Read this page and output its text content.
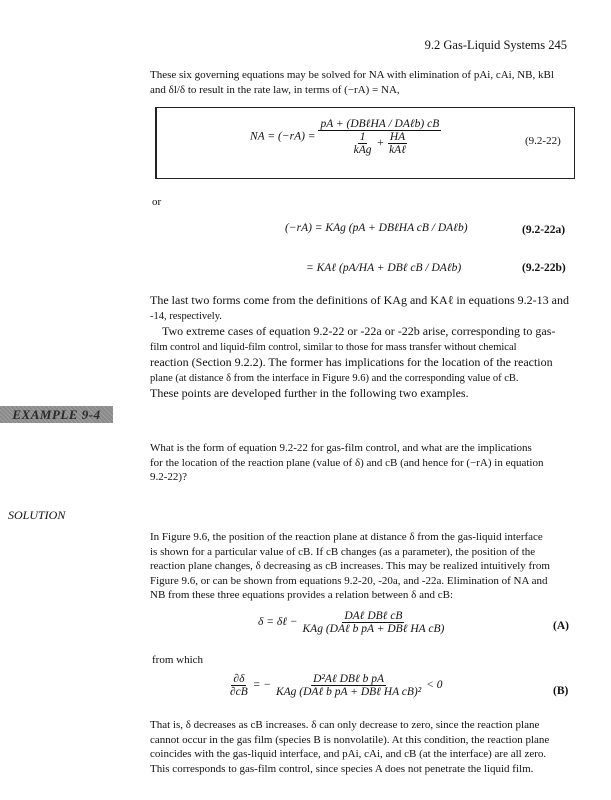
9.2 Gas-Liquid Systems 245
These six governing equations may be solved for NA with elimination of pAi, cAi, NB, kBl
and δl/δ to result in the rate law, in terms of (−rA) = NA,
NA = $(-rA) = \frac{\text{pA + (DBℓHA / DAℓb) cB}}{\frac{1}{\text{kAg}} + \frac{HA}{\text{kAℓ}}}$	(9.2-22)
or
(−rA) = KAg (pA + DBℓHA cB / DAℓb)	(9.2-22a)
= KAℓ (pA/HA + DBℓ cB / DAℓb)	(9.2-22b)
The last two forms come from the definitions of KAg and KAℓ in equations 9.2-13 and
-14, respectively.
Two extreme cases of equation 9.2-22 or -22a or -22b arise, corresponding to gas-
film control and liquid-film control, similar to those for mass transfer without chemical
reaction (Section 9.2.2). The former has implications for the location of the reaction
plane (at distance δ from the interface in Figure 9.6) and the corresponding value of cB.
These points are developed further in the following two examples.
EXAMPLE 9-4
What is the form of equation 9.2-22 for gas-film control, and what are the implications
for the location of the reaction plane (value of δ) and cB (and hence for (−rA) in equation
9.2-22)?
SOLUTION
In Figure 9.6, the position of the reaction plane at distance δ from the gas-liquid interface
is shown for a particular value of cB. If cB changes (as a parameter), the position of the
reaction plane changes, δ decreasing as cB increases. This may be realized intuitively from
Figure 9.6, or can be shown from equations 9.2-20, -20a, and -22a. Elimination of NA and
NB from these three equations provides a relation between δ and cB:
δ = δℓ − $\frac{\text{DAℓ DBℓ cB}}{\text{KAg (DAℓ b pA + DBℓ HA cB)}}$	(A)
from which
$\frac{\partial\delta}{\partial cB}$ = − $\frac{\text{D²Aℓ DBℓ b pA}}{\text{KAg (DAℓ b pA + DBℓ HA cB)²}} < 0$	(B)
That is, δ decreases as cB increases. δ can only decrease to zero, since the reaction plane
cannot occur in the gas film (species B is nonvolatile). At this condition, the reaction plane
coincides with the gas-liquid interface, and pAi, cAi, and cB (at the interface) are all zero.
This corresponds to gas-film control, since species A does not penetrate the liquid film.
